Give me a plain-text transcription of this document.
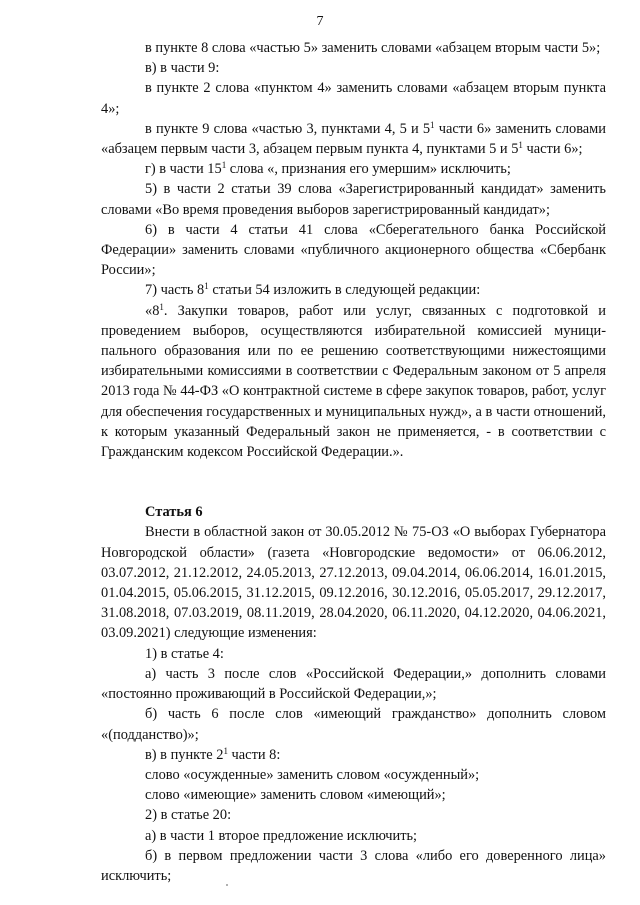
7

в пункте 8 слова «частью 5» заменить словами «абзацем вторым части 5»;

в) в части 9:

в пункте 2 слова «пунктом 4» заменить словами «абзацем вторым пункта 4»;

в пункте 9 слова «частью 3, пунктами 4, 5 и $5^1$ части 6» заменить словами «абзацем первым части 3, абзацем первым пункта 4, пунктами 5 и $5^1$ части 6»;

г) в части $15^1$ слова «, признания его умершим» исключить;

5) в части 2 статьи 39 слова «Зарегистрированный кандидат» заменить словами «Во время проведения выборов зарегистрированный кандидат»;

6) в части 4 статьи 41 слова «Сберегательного банка Российской Федерации» заменить словами «публичного акционерного общества «Сбербанк России»;

7) часть $8^1$ статьи 54 изложить в следующей редакции:

«$8^1$. Закупки товаров, работ или услуг, связанных с подготовкой и проведением выборов, осуществляются избирательной комиссией муниципального образования или по ее решению соответствующими нижестоящими избирательными комиссиями в соответствии с Федеральным законом от 5 апреля 2013 года № 44-ФЗ «О контрактной системе в сфере закупок товаров, работ, услуг для обеспечения государственных и муниципальных нужд», а в части отношений, к которым указанный Федеральный закон не применяется, - в соответствии с Гражданским кодексом Российской Федерации.».

Статья 6

Внести в областной закон от 30.05.2012 № 75-ОЗ «О выборах Губернатора Новгородской области» (газета «Новгородские ведомости» от 06.06.2012, 03.07.2012, 21.12.2012, 24.05.2013, 27.12.2013, 09.04.2014, 06.06.2014, 16.01.2015, 01.04.2015, 05.06.2015, 31.12.2015, 09.12.2016, 30.12.2016, 05.05.2017, 29.12.2017, 31.08.2018, 07.03.2019, 08.11.2019, 28.04.2020, 06.11.2020, 04.12.2020, 04.06.2021, 03.09.2021) следующие изменения:

1) в статье 4:

а) часть 3 после слов «Российской Федерации,» дополнить словами «постоянно проживающий в Российской Федерации,»;

б) часть 6 после слов «имеющий гражданство» дополнить словом «(подданство)»;

в) в пункте $2^1$ части 8:

слово «осужденные» заменить словом «осужденный»;

слово «имеющие» заменить словом «имеющий»;

2) в статье 20:

а) в части 1 второе предложение исключить;

б) в первом предложении части 3 слова «либо его доверенного лица» исключить;
